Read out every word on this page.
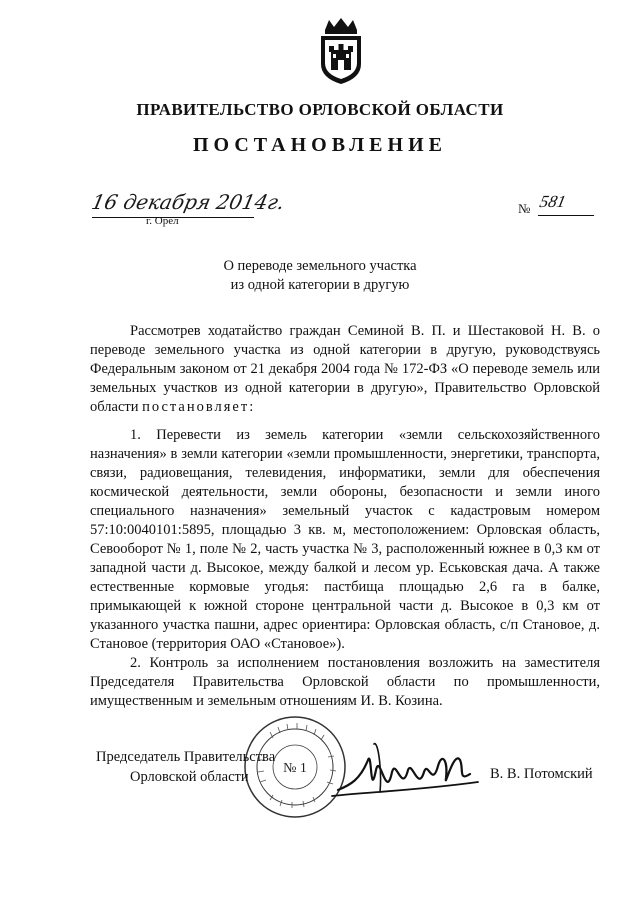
ПРАВИТЕЛЬСТВО ОРЛОВСКОЙ ОБЛАСТИ
ПОСТАНОВЛЕНИЕ
16 декабря 2014г.
г. Орёл
№ 581
О переводе земельного участка
из одной категории в другую

Рассмотрев ходатайство граждан Семиной В. П. и Шестаковой Н. В. о переводе земельного участка из одной категории в другую, руководствуясь Федеральным законом от 21 декабря 2004 года № 172-ФЗ «О переводе земель или земельных участков из одной категории в другую», Правительство Орловской области постановляет:

1. Перевести из земель категории «земли сельскохозяйственного назначения» в земли категории «земли промышленности, энергетики, транспорта, связи, радиовещания, телевидения, информатики, земли для обеспечения космической деятельности, земли обороны, безопасности и земли иного специального назначения» земельный участок с кадастровым номером 57:10:0040101:5895, площадью 3 кв. м, местоположением: Орловская область, Севооборот № 1, поле № 2, часть участка № 3, расположенный южнее в 0,3 км от западной части д. Высокое, между балкой и лесом ур. Еськовская дача. А также естественные кормовые угодья: пастбища площадью 2,6 га в балке, примыкающей к южной стороне центральной части д. Высокое в 0,3 км от указанного участка пашни, адрес ориентира: Орловская область, с/п Становое, д. Становое (территория ОАО «Становое»).

2. Контроль за исполнением постановления возложить на заместителя Председателя Правительства Орловской области по промышленности, имущественным и земельным отношениям И. В. Козина.

№ 1
Председатель Правительства
Орловской области	В. В. Потомский
